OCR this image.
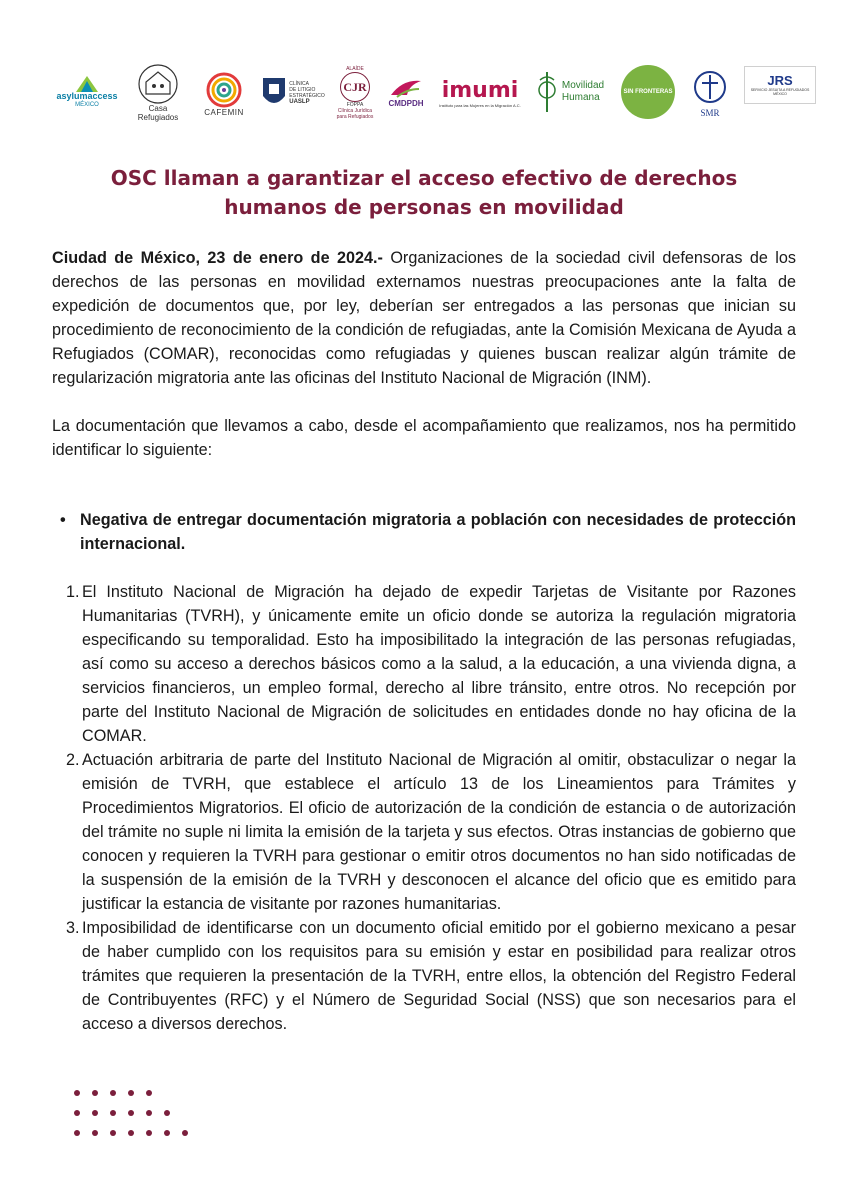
asylumaccess
MÉXICO	Casa Refugiados
CAFEMIN
CLÍNICA
DE LITIGIO
ESTRATÉGICO
UASLP
ALAÍDE
CJR
FOPPA
Clínica Jurídica
para Refugiados
CMDPDH
imumi
Instituto para las Mujeres en la Migración A.C.
Movilidad
Humana
SIN FRONTERAS
SMR
JRS
SERVICIO JESUITA A REFUGIADOS MÉXICO
OSC llaman a garantizar el acceso efectivo de derechos
humanos de personas en movilidad

Ciudad de México, 23 de enero de 2024.- Organizaciones de la sociedad civil defensoras de los derechos de las personas en movilidad externamos nuestras preocupaciones ante la falta de expedición de documentos que, por ley, deberían ser entregados a las personas que inician su procedimiento de reconocimiento de la condición de refugiadas, ante la Comisión Mexicana de Ayuda a Refugiados (COMAR), reconocidas como refugiadas y quienes buscan realizar algún trámite de regularización migratoria ante las oficinas del Instituto Nacional de Migración (INM).

La documentación que llevamos a cabo, desde el acompañamiento que realizamos, nos ha permitido identificar lo siguiente:

• Negativa de entregar documentación migratoria a población con necesidades de protección internacional.

1. El Instituto Nacional de Migración ha dejado de expedir Tarjetas de Visitante por Razones Humanitarias (TVRH), y únicamente emite un oficio donde se autoriza la regulación migratoria especificando su temporalidad. Esto ha imposibilitado la integración de las personas refugiadas, así como su acceso a derechos básicos como a la salud, a la educación, a una vivienda digna, a servicios financieros, un empleo formal, derecho al libre tránsito, entre otros. No recepción por parte del Instituto Nacional de Migración de solicitudes en entidades donde no hay oficina de la COMAR.

2. Actuación arbitraria de parte del Instituto Nacional de Migración al omitir, obstaculizar o negar la emisión de TVRH, que establece el artículo 13 de los Lineamientos para Trámites y Procedimientos Migratorios. El oficio de autorización de la condición de estancia o de autorización del trámite no suple ni limita la emisión de la tarjeta y sus efectos. Otras instancias de gobierno que conocen y requieren la TVRH para gestionar o emitir otros documentos no han sido notificadas de la suspensión de la emisión de la TVRH y desconocen el alcance del oficio que es emitido para justificar la estancia de visitante por razones humanitarias.

3. Imposibilidad de identificarse con un documento oficial emitido por el gobierno mexicano a pesar de haber cumplido con los requisitos para su emisión y estar en posibilidad para realizar otros trámites que requieren la presentación de la TVRH, entre ellos, la obtención del Registro Federal de Contribuyentes (RFC) y el Número de Seguridad Social (NSS) que son necesarios para el acceso a diversos derechos.
